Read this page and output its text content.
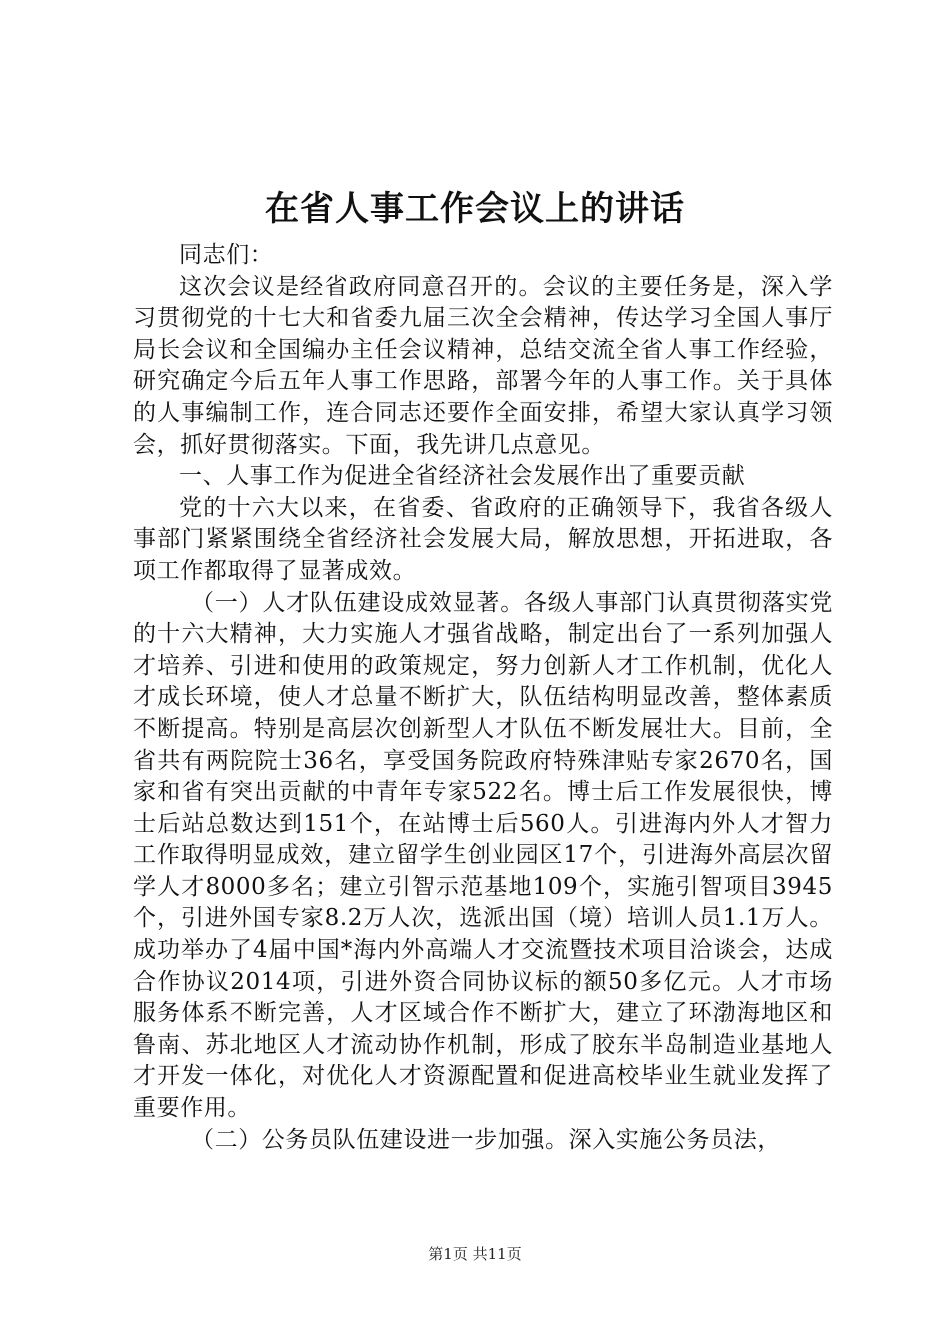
在省人事工作会议上的讲话

同志们：

这次会议是经省政府同意召开的。会议的主要任务是，深入学习贯彻党的十七大和省委九届三次全会精神，传达学习全国人事厅局长会议和全国编办主任会议精神，总结交流全省人事工作经验，研究确定今后五年人事工作思路，部署今年的人事工作。关于具体的人事编制工作，连合同志还要作全面安排，希望大家认真学习领会，抓好贯彻落实。下面，我先讲几点意见。

一、人事工作为促进全省经济社会发展作出了重要贡献

党的十六大以来，在省委、省政府的正确领导下，我省各级人事部门紧紧围绕全省经济社会发展大局，解放思想，开拓进取，各项工作都取得了显著成效。

（一）人才队伍建设成效显著。各级人事部门认真贯彻落实党的十六大精神，大力实施人才强省战略，制定出台了一系列加强人才培养、引进和使用的政策规定，努力创新人才工作机制，优化人才成长环境，使人才总量不断扩大，队伍结构明显改善，整体素质不断提高。特别是高层次创新型人才队伍不断发展壮大。目前，全省共有两院院士36名，享受国务院政府特殊津贴专家2670名，国家和省有突出贡献的中青年专家522名。博士后工作发展很快，博士后站总数达到151个，在站博士后560人。引进海内外人才智力工作取得明显成效，建立留学生创业园区17个，引进海外高层次留学人才8000多名；建立引智示范基地109个，实施引智项目3945个，引进外国专家8.2万人次，选派出国（境）培训人员1.1万人。成功举办了4届中国*海内外高端人才交流暨技术项目洽谈会，达成合作协议2014项，引进外资合同协议标的额50多亿元。人才市场服务体系不断完善，人才区域合作不断扩大，建立了环渤海地区和鲁南、苏北地区人才流动协作机制，形成了胶东半岛制造业基地人才开发一体化，对优化人才资源配置和促进高校毕业生就业发挥了重要作用。

（二）公务员队伍建设进一步加强。深入实施公务员法，

第1页 共11页
